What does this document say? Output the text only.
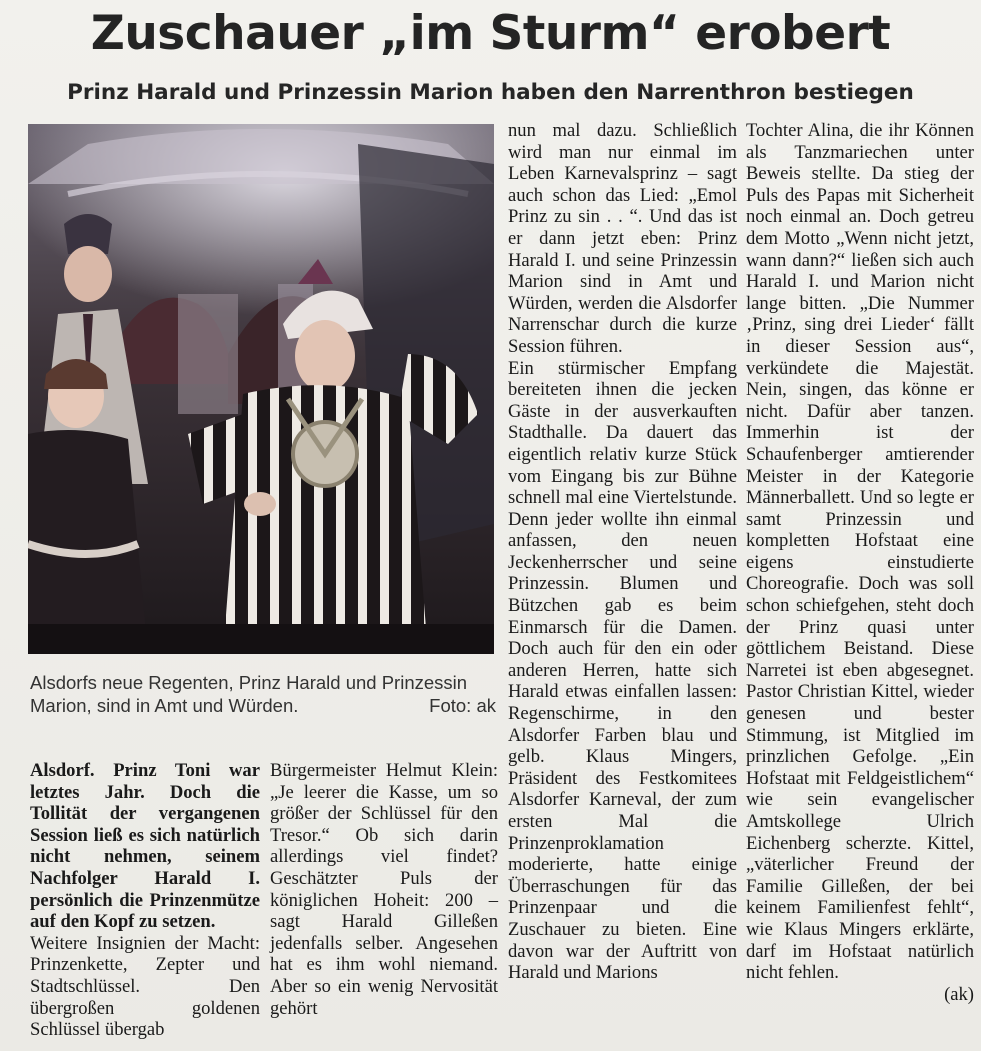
Zuschauer „im Sturm“ erobert
Prinz Harald und Prinzessin Marion haben den Narrenthron bestiegen
Alsdorfs neue Regenten, Prinz Harald und Prinzessin
Marion, sind in Amt und Würden.	Foto: ak

Alsdorf. Prinz Toni war letztes Jahr. Doch die Tollität der vergangenen Session ließ es sich natürlich nicht nehmen, seinem Nachfolger Harald I. persönlich die Prinzenmütze auf den Kopf zu setzen.

Weitere Insignien der Macht: Prinzenkette, Zepter und Stadtschlüssel. Den übergroßen goldenen Schlüssel übergab

Bürgermeister Helmut Klein: „Je leerer die Kasse, um so größer der Schlüssel für den Tresor.“ Ob sich darin allerdings viel findet? Geschätzter Puls der königlichen Hoheit: 200 – sagt Harald Gilleßen jedenfalls selber. Angesehen hat es ihm wohl niemand. Aber so ein wenig Nervosität gehört

nun mal dazu. Schließlich wird man nur einmal im Leben Karnevalsprinz – sagt auch schon das Lied: „Emol Prinz zu sin . . “. Und das ist er dann jetzt eben: Prinz Harald I. und seine Prinzessin Marion sind in Amt und Würden, werden die Alsdorfer Narrenschar durch die kurze Session führen.

Ein stürmischer Empfang bereiteten ihnen die jecken Gäste in der ausverkauften Stadthalle. Da dauert das eigentlich relativ kurze Stück vom Eingang bis zur Bühne schnell mal eine Viertelstunde. Denn jeder wollte ihn einmal anfassen, den neuen Jeckenherrscher und seine Prinzessin. Blumen und Bützchen gab es beim Einmarsch für die Damen. Doch auch für den ein oder anderen Herren, hatte sich Harald etwas einfallen lassen: Regenschirme, in den Alsdorfer Farben blau und gelb. Klaus Mingers, Präsident des Festkomitees Alsdorfer Karneval, der zum ersten Mal die Prinzenproklamation moderierte, hatte einige Überraschungen für das Prinzenpaar und die Zuschauer zu bieten. Eine davon war der Auftritt von Harald und Marions

Tochter Alina, die ihr Können als Tanzmariechen unter Beweis stellte. Da stieg der Puls des Papas mit Sicherheit noch einmal an. Doch getreu dem Motto „Wenn nicht jetzt, wann dann?“ ließen sich auch Harald I. und Marion nicht lange bitten. „Die Nummer ‚Prinz, sing drei Lieder‘ fällt in dieser Session aus“, verkündete die Majestät. Nein, singen, das könne er nicht. Dafür aber tanzen. Immerhin ist der Schaufenberger amtierender Meister in der Kategorie Männerballett. Und so legte er samt Prinzessin und kompletten Hofstaat eine eigens einstudierte Choreografie. Doch was soll schon schiefgehen, steht doch der Prinz quasi unter göttlichem Beistand. Diese Narretei ist eben abgesegnet. Pastor Christian Kittel, wieder genesen und bester Stimmung, ist Mitglied im prinzlichen Gefolge. „Ein Hofstaat mit Feldgeistlichem“ wie sein evangelischer Amtskollege Ulrich Eichenberg scherzte. Kittel, „väterlicher Freund der Familie Gilleßen, der bei keinem Familienfest fehlt“, wie Klaus Mingers erklärte, darf im Hofstaat natürlich nicht fehlen.

(ak)
